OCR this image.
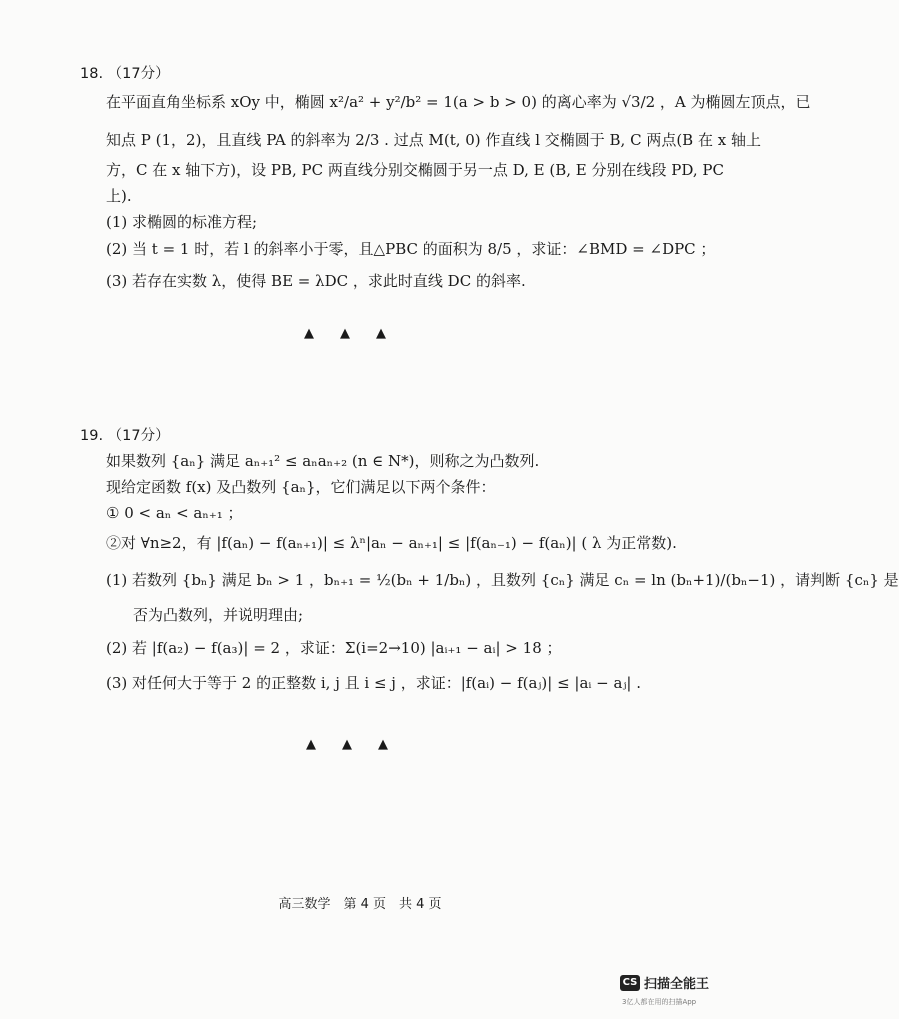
18. （17分）
在平面直角坐标系 xOy 中，椭圆 x²/a² + y²/b² = 1(a > b > 0) 的离心率为 √3/2 ，A 为椭圆左顶点，已
知点 P (1，2)，且直线 PA 的斜率为 2/3 . 过点 M(t, 0) 作直线 l 交椭圆于 B, C 两点(B 在 x 轴上
方，C 在 x 轴下方)，设 PB, PC 两直线分别交椭圆于另一点 D, E (B, E 分别在线段 PD, PC
上).
(1) 求椭圆的标准方程;
(2) 当 t = 1 时，若 l 的斜率小于零，且△PBC 的面积为 8/5 ，求证：∠BMD = ∠DPC ；
(3) 若存在实数 λ，使得 BE = λDC ，求此时直线 DC 的斜率.
▲　　▲　　▲
19. （17分）
如果数列 {aₙ} 满足 aₙ₊₁² ≤ aₙaₙ₊₂ (n ∈ N*)，则称之为凸数列.
现给定函数 f(x) 及凸数列 {aₙ}，它们满足以下两个条件：
① 0 < aₙ < aₙ₊₁ ；
②对 ∀n≥2，有 |f(aₙ) − f(aₙ₊₁)| ≤ λⁿ|aₙ − aₙ₊₁| ≤ |f(aₙ₋₁) − f(aₙ)| ( λ 为正常数).
(1) 若数列 {bₙ} 满足 bₙ > 1 ，bₙ₊₁ = ½(bₙ + 1/bₙ) ，且数列 {cₙ} 满足 cₙ = ln (bₙ+1)/(bₙ−1) ，请判断 {cₙ} 是
否为凸数列，并说明理由;
(2) 若 |f(a₂) − f(a₃)| = 2 ，求证：Σ(i=2→10) |aᵢ₊₁ − aᵢ| > 18 ；
(3) 对任何大于等于 2 的正整数 i, j 且 i ≤ j ，求证：|f(aᵢ) − f(aⱼ)| ≤ |aᵢ − aⱼ| .
▲　　▲　　▲
高三数学　第 4 页　共 4 页
CS 扫描全能王
3亿人都在用的扫描App
